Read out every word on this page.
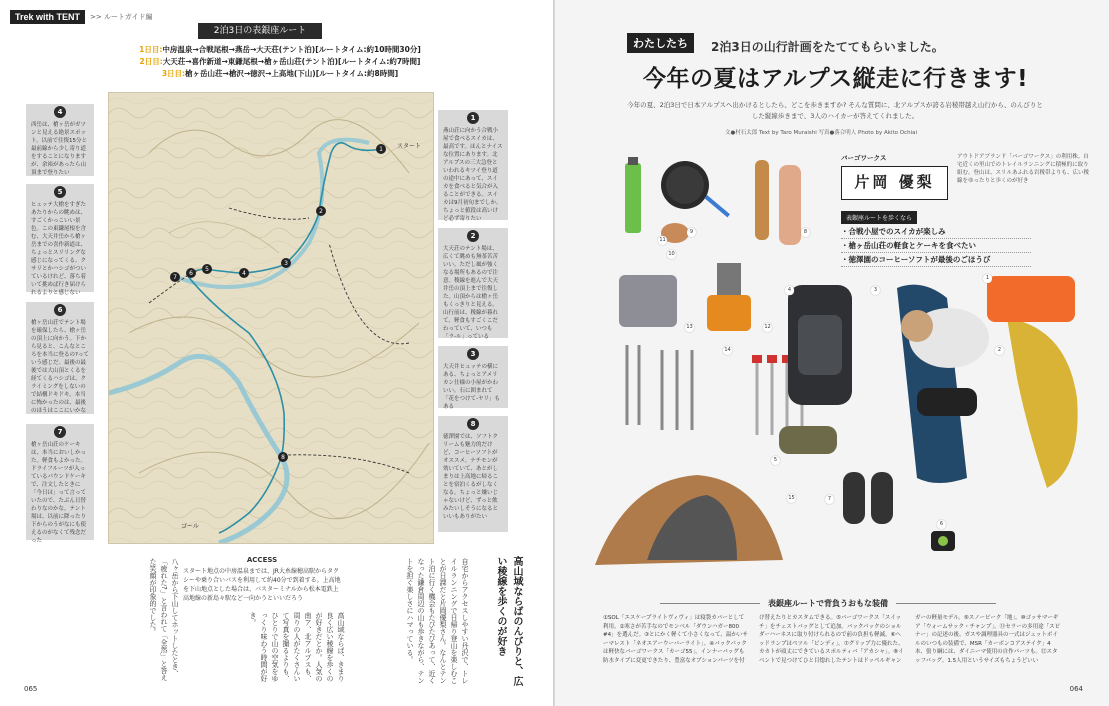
Trek with TENT
2 >> ルートガイド編
2泊3日の表銀座ルート
1日目:中房温泉→合戦尾根→燕岳→大天荘(テント泊)[ルートタイム:約10時間30分]
2日目:大天荘→喜作新道→東鎌尾根→槍ヶ岳山荘(テント泊)[ルートタイム:約7時間]
3日目:槍ヶ岳山荘→槍沢→徳沢→上高地(下山)[ルートタイム:約8時間]
1
2
3
4
5
6
7
8
スタート
ゴール
4
西岳は、槍ヶ岳がガツンと見える絶景スポット。以前で往復15分と最前線から少し寄り道をすることになりますが、余裕があったら山頂まで登りたい
5
ヒュッテ大槍をすぎたあたりからの眺めは、すごくかっこいい景色。この東鎌尾根を含む、大天井岳から槍ヶ岳までの喜作新道は、ちょっとスリリングな感じになってくる。クサリとかハシゴがついているけれど、落ち着いて挑めば行き届けられるよりと感じない
6
槍ヶ岳山荘でテント場を確保したら、槍ヶ岳の頂上に向かう。下から見ると、こんなところを本当に登るの?っていう感じだ。最後の最後では大山頂とくるを経てくるハシゴは、クライミングをしないので結構ドキドキ。本当に怖かったのは、最後のほうはここにいかな
7
槍ヶ岳山荘のケーキは、本当においしかった。軽食もよかった。ドライフルーツが入っているパウンドケーキで、注文したときに「今日は」って言っていたので、たぶん日替わりなのかな。テント場は、以前に降ったり下からのうがなにも使えるのがなくて残念だった
1
燕山荘に向かう合戦小屋で食べるスイカは、最高です。ほんとナイスな位置にあります。北アルプスの三大急登といわれるキツイ登り道の途中にあって、スイカを食べると気合が入ることができる。スイカは9月初旬までしか。ちょっと値段は高いけど必ず寄りたい
2
大天荘のテント場は、広くて眺めも無茶苦苦いい。ただし風が強くなる場所もあるので注意。稜線を進んで大天井岳の頂上まで往復した。山頂からは槍ヶ岳もくっきりと見える。山行前は、稜線が暮れて、軽食もすごくこだわっていて、いつも「ラ-ル」っている
3
大天井ヒュッテの横にある、ちょっとアメリカン仕様の小屋がかわいい。石に囲まれて「花をつけて-ヤリ」もある
8
徳澤園では、ソフトクリームも魅力的だけど、コーヒーソフトがオススメ。ナチモンが効いていて、あとがしまりは上高地に帰ることを宿泊くるがしなくなる。ちょっと嫌いじゃないけど、ずっと飲みたいしそうになるといいもありがたい
高山域ならばのんびりと、広い稜線を歩くのが好き
自宅からアクセスしやすい丹沢で、トレイルランニングで日帰り登山を楽しむことが日課だと片岡優梨さん。なんとテント泊に行く機会もたびたびあって、近くなった鎌倉周辺の山も歩きながら、テントを担ぐ楽しさにハマっている。
ACCESS
スタート地点の中房温泉までは、JR大糸線穂高駅からタクシーや乗り合いバスを利用して約40分で到着する。上高地を下山地点とした場合は、バスターミナルから松本電鉄上高地線の新島々駅など一向かうといいだろう
高山域ならば、きまり良く広い稜線を歩くのが好きだとか。人気の南ア、北アルプスも、周りの人がたくさんいて写真を撮るよりも、ひとりで山の空気をゆっくり味わう時間が好き。
八ヶ岳から下山してホットしたとき、「疲れた?」と言われて「全然」と答えた笑顔が印象的でした。
065
わたしたち	2泊3日の山行計画をたててもらいました。
今年の夏はアルプス縦走に行きます!
今年の夏、2泊3日で日本アルプスへ出かけるとしたら、どこを歩きますか? そんな質問に、北アルプスが誇る岩稜帯越え山行から、のんびりとした縦線歩きまで、3人のハイカーが答えてくれました。
文●村石太郎 Text by Taro Muraishi 写真●落合明人 Photo by Akito Ochiai
バーゴワークス
片岡 優梨
アウトドアブランド「バーゴワークス」の利用株。自宅近くの里山でのトレイルランニングに積極的に取り組む。登山は、スリルあふれる岩稜帯よりも、広い稜線をゆったりと歩くのが好き
表銀座ルートを歩くなら
・合戦小屋でのスイカが楽しみ
・槍ヶ岳山荘の軽食とケーキを食べたい
・徳澤園のコーヒーソフトが最後のごほうび
11
9
10
8
13	12
14
4	3
1
2
5
7
6
15
表銀座ルートで背負うおもな装備
①SOL「エスケープライトヴィヴィ」は寝袋カバーとして利用。②寒さが苦手なのでモンベル「ダウンハガー800 #4」を選んだ。③とにかく軽くて小さくなって、温かいサーマレスト「ネオエアーウーバーライト」。④バックパックは軽快なバーゴワークス「カーゴ55」。インナーバッグも防水タイプに変更できたり、豊富なオプションパーツを付け替えたりとカスタムできる。⑤バーゴワークス「スイッチ」をチェストバッグとして追加。バックパックのショルダーハーネスに取り付けられるので前の負担も軽減。⑥ヘッドランプはペツル「ビンディ」。⑦グリップ力に優れた、カカトが頑丈にできているスポルティバ「アカシャ」。⑧イベントで見つけてひと目惚れしたテントはドッペルギャンガーの軽量モデル。⑨スノーピーク「地」。⑩ゴッサマーギア「ウォームサック・チャンプ」。⑪セラーの多用途「スピナー」の記述の後、ガスや調理器具の一式はジェットボイルのいつもの装備で、MSR「カーボンコアステイク」4本、張り綱には、ダイニーマ使用の自作パーツも。⑫スタッフバッグ。1.5人用というサイズもちょうどいい
064
